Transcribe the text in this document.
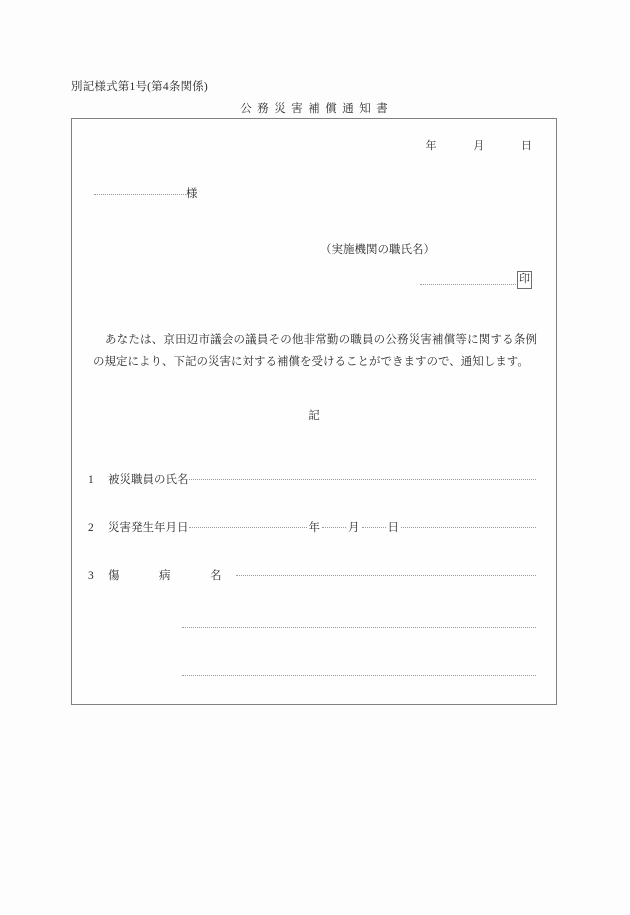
別記様式第1号(第4条関係)
公務災害補償通知書
年	月	日
様
（実施機関の職氏名）
印
あなたは、京田辺市議会の議員その他非常勤の職員の公務災害補償等に関する条例の規定により、下記の災害に対する補償を受けることができますので、通知します。
記
1	被災職員の氏名
2	災害発生年月日	年 月 日
3	傷　病　名
